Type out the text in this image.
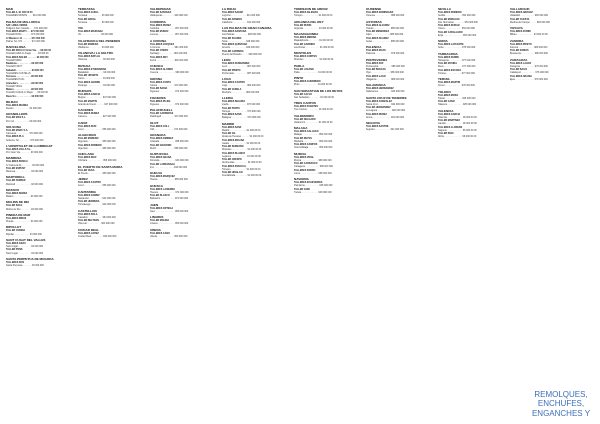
MAD
TALLER A. 91 000 00 00
TALLERES MONTE . . . . 912 000 000
PALMA DE MALLORCA
SAT. LINEA VERDE
Poligono Son Castello. . . . 971 000 000
TALLERES MARTI . . . 971 000 000
TALLER ROIG . . . . . . . 971 000 000
C/ Manacor 12 . . . . . . . 971 000 000
Palma. Tel. 971 . . . . . . . 971 000 000
BARCELONA
TALLER ROCA C/ Gran Via . . . 93 000 00
TALLER ALBA C/ Arago . . . . . 93 000 00
TALLERES SOLER . . . . . . . 93 000 000
TALLER MIRO
Badalona . . . . . . . . . . . 93 000 000
TALLER FONT
Sabadell . . . . . . . . . . . . 93 000 000
TALLERES CASTELLS
Terrassa. . . . . . . . . . . . 93 000 000
TALLERES PUIG
Granollers . . . . . . . . . . 93 000 000
TALLER VIDAL
Mataro . . . . . . . . . . . . . 93 000 000
TALLER CASAS C/ Major . . . 93 000 00
Reus S.L. . . . . . . . . . . . 93 000 000
BILBAO
TALLERES IBARRA
Deusto . . . . . . . . . . . . 94 000 000
GRANOLLERS
TALLER MAS S.L.
Pol. Ind. . . . . . . . . . . . 93 000 000
SOLSONA
TALLER MARC S.A.
Carretera . . . . . . . . . . 973 000 000
TALLERES PLA
Solsona. Tel. . . . . . . . . 973 000 000
L'HOSPITALET DE LLOBREGAT
TALLERES VALLS S.L.
Pol. Gran Via . . . . . . . . 93 000 000
MANRESA
TALLERES BOSCH
C/ Guimera 24 . . . . . . . . 93 000 000
TALLER ESPUNY
Manresa . . . . . . . . . . . . 93 000 000
MARTORELL
TALLER FERRER
Martorell . . . . . . . . . . . . 93 000 000
MATARO
TALLERES SERRA
Mataro . . . . . . . . . . . . . 93 000 000
MOLINS DE REI
TALLER SOLE
Molins de Rei . . . . . . . . 93 000 000
PINEDA DE MAR
TALLERES RIBAS
Pineda . . . . . . . . . . . . . 93 000 000
RIPOLLET
TALLER CODINA
Ripollet . . . . . . . . . . . . 93 000 000
SANT CUGAT DEL VALLES
TALLERES GRAU
Sant Cugat . . . . . . . . . . 93 000 000
TALLER PONS
Sant Cugat . . . . . . . . . . 93 000 000
SANTA PERPETUA DE MOGODA
TALLERES ROS
Santa Perpetua . . . . . . . 93 000 000
TERRASSA
TALLERES GUELL
Terrassa . . . . . . . . . . . 93 000 000
TALLER NADAL
Terrassa . . . . . . . . . . . 93 000 000
VIC
TALLERES MASSANA
Vic . . . . . . . . . . . . . . . 93 000 000
VILAFRANCA DEL PENEDES
TALLER MORERA
Vilafranca . . . . . . . . . . 93 000 000
VILANOVA I LA GELTRU
TALLERES BATLLE
Vilanova . . . . . . . . . . . . 93 000 000
BIZKAIA
TALLERES ETXEBARRIA
Barakaldo . . . . . . . . . . . 94 000 000
TALLER URIARTE
Getxo . . . . . . . . . . . . . . 94 000 000
TALLERES AGIRRE
Durango . . . . . . . . . . . . 94 000 000
BURGOS
TALLERES GARCIA
Burgos . . . . . . . . . . . . . 947 000 000
TALLER MARTIN
Aranda de Duero . . . . . . 947 000 000
CACERES
TALLERES NUNEZ
Caceres . . . . . . . . . . . . 927 000 000
CADIZ
TALLERES RUIZ
Jerez . . . . . . . . . . . . . . 956 000 000
ALGECIRAS
TALLER MORENO
Algeciras . . . . . . . . . . . 956 000 000
TALLERES ROMERO
Algeciras . . . . . . . . . . . 956 000 000
CHICLANA
TALLERES DIAZ
Chiclana . . . . . . . . . . . . 956 000 000
EL PUERTO DE SANTA MARIA
TALLER VEGA
El Puerto . . . . . . . . . . . 956 000 000
JEREZ
TALLERES CASTRO
Jerez . . . . . . . . . . . . . . 956 000 000
CANTABRIA
TALLERES GOMEZ
Santander . . . . . . . . . . 942 000 000
TALLER HERRERA
Torrelavega . . . . . . . . . 942 000 000
CASTELLON
TALLERES SOLA
Castellon . . . . . . . . . . . 964 000 000
TALLER BELTRAN
Vila-real . . . . . . . . . . . 964 000 000
CIUDAD REAL
TALLERES LOPEZ
Ciudad Real . . . . . . . . . 926 000 000
VALDEPENAS
TALLER SANCHEZ
Valdepenas . . . . . . . . . 926 000 000
CORDOBA
TALLERES PEREZ
Cordoba . . . . . . . . . . . . 957 000 000
TALLER MUNOZ
Lucena . . . . . . . . . . . . . 957 000 000
A CORUNA
TALLERES VAZQUEZ
A Coruna . . . . . . . . . . . 981 000 000
TALLER OTERO
Santiago . . . . . . . . . . . 981 000 000
TALLERES REY
Ferrol . . . . . . . . . . . . . . 981 000 000
CUENCA
TALLERES ALONSO
Cuenca . . . . . . . . . . . . . 969 000 000
GIRONA
TALLERES COSTA
Girona . . . . . . . . . . . . . 972 000 000
TALLER BADIA
Figueres . . . . . . . . . . . . 972 000 000
FIGUERES
TALLERES PUJOL
Figueres . . . . . . . . . . . . 972 000 000
PALAFRUGELL
TALLER CARRERAS
Palafrugell . . . . . . . . . . 972 000 000
OLOT
TALLERES COLL
Olot . . . . . . . . . . . . . . . 972 000 000
GRANADA
TALLERES JIMENEZ
Granada . . . . . . . . . . . . 958 000 000
TALLER NAVARRO
Motril . . . . . . . . . . . . . . 958 000 000
GUIPUZCOA
TALLERES ARANA
Donostia . . . . . . . . . . . . 943 000 000
TALLER LARRANAGA
Irun . . . . . . . . . . . . . . . 943 000 000
HUELVA
TALLERES MARQUEZ
Huelva . . . . . . . . . . . . . 959 000 000
HUESCA
TALLERES LASIERRA
Huesca . . . . . . . . . . . . . 974 000 000
TALLER BLASCO
Barbastro . . . . . . . . . . . 974 000 000
JAEN
TALLERES ORTEGA
Jaen . . . . . . . . . . . . . . . 953 000 000
LINARES
TALLER MOLINA
Linares . . . . . . . . . . . . . 953 000 000
UBEDA
TALLERES CANO
Ubeda . . . . . . . . . . . . . 953 000 000
LA RIOJA
TALLERES SAENZ
Logrono . . . . . . . . . . . . 941 000 000
TALLER ARNEDO
Calahorra . . . . . . . . . . . 941 000 000
LAS PALMAS DE GRAN CANARIA
TALLERES SANTANA
Las Palmas . . . . . . . . . . 928 000 000
TALLER SUAREZ
Telde . . . . . . . . . . . . . . 928 000 000
TALLERES QUINTANA
Arrecife . . . . . . . . . . . . 928 000 000
TALLER CABRERA
Puerto del Rosario . . . . . 928 000 000
LEON
TALLERES FERNANDEZ
Leon . . . . . . . . . . . . . . . 987 000 000
TALLER PRIETO
Ponferrada . . . . . . . . . . 987 000 000
LUGO
TALLERES CASTRO
Lugo . . . . . . . . . . . . . . . 982 000 000
TALLER VARELA
Monforte . . . . . . . . . . . 982 000 000
LLEIDA
TALLERES SEGURA
Lleida . . . . . . . . . . . . . . 973 000 000
TALLER PORTA
Tarrega . . . . . . . . . . . . . 973 000 000
TALLERES SANS
Balaguer . . . . . . . . . . . . 973 000 000
MADRID
TALLERES SANZ
Madrid . . . . . . . . . . . . . 91 000 00 00
TALLER GIL
Alcala de Henares . . . . . . 91 000 00 00
TALLERES MOLINA
Getafe . . . . . . . . . . . . . 91 000 00 00
TALLER SERRANO
Mostoles . . . . . . . . . . . . 91 000 00 00
TALLERES BLANCO
Leganes . . . . . . . . . . . . 91 000 00 00
TALLER CRESPO
Alcobendas . . . . . . . . . . 91 000 00 00
TALLERES PASCUAL
Torrejon . . . . . . . . . . . . 91 000 00 00
TALLER HIDALGO
Fuenlabrada . . . . . . . . . 91 000 00 00
TORREJON DE ARDOZ
TALLERES IGLESIAS
Torrejon . . . . . . . . . . . . 91 000 00 00
ARGANDA DEL REY
TALLER RUBIO
Arganda . . . . . . . . . . . . 91 000 00 00
MAJADAHONDA
TALLERES MEDINA
Majadahonda . . . . . . . . 91 000 00 00
TALLER GARRIDO
Las Rozas . . . . . . . . . . . 91 000 00 00
MOSTOLES
TALLERES CORTES
Mostoles . . . . . . . . . . . . 91 000 00 00
PARLA
TALLER LOZANO
Parla . . . . . . . . . . . . . . 91 000 00 00
PINTO
TALLERES GUERRERO
Pinto . . . . . . . . . . . . . . 91 000 00 00
SAN SEBASTIAN DE LOS REYES
TALLER CALVO
San Sebastian . . . . . . . . 91 000 00 00
TRES CANTOS
TALLERES FUENTES
Tres Cantos . . . . . . . . . 91 000 00 00
VALDEMORO
TALLER DELGADO
Valdemoro . . . . . . . . . . 91 000 00 00
MALAGA
TALLERES GALLEGO
Malaga . . . . . . . . . . . . . 952 000 000
TALLER REYES
Marbella . . . . . . . . . . . . 952 000 000
TALLERES CAMPOS
Velez-Malaga . . . . . . . . 952 000 000
MURCIA
TALLERES VIDAL
Murcia . . . . . . . . . . . . . 968 000 000
TALLER CARRASCO
Cartagena . . . . . . . . . . . 968 000 000
TALLERES PARDO
Lorca . . . . . . . . . . . . . . 968 000 000
NAVARRA
TALLERES ECHEVERRIA
Pamplona . . . . . . . . . . . 948 000 000
TALLER GOÑI
Tudela . . . . . . . . . . . . . 948 000 000
OURENSE
TALLERES DOMINGUEZ
Ourense . . . . . . . . . . . . 988 000 000
ASTURIAS
TALLERES ALVAREZ
Oviedo . . . . . . . . . . . . . 985 000 000
TALLER MENENDEZ
Gijon . . . . . . . . . . . . . . 985 000 000
TALLERES SUAREZ
Aviles . . . . . . . . . . . . . . 985 000 000
PALENCIA
TALLERES ROJO
Palencia . . . . . . . . . . . . 979 000 000
PONTEVEDRA
TALLERES PAZ
Pontevedra . . . . . . . . . . 986 000 000
TALLER BOUZAS
Vigo . . . . . . . . . . . . . . . 986 000 000
TALLERES LAGO
Vilagarcia . . . . . . . . . . . 986 000 000
SALAMANCA
TALLERES HERNANDEZ
Salamanca . . . . . . . . . . 923 000 000
SANTA CRUZ DE TENERIFE
TALLERES GONZALEZ
Santa Cruz . . . . . . . . . . 922 000 000
TALLER HERNANDEZ
La Laguna . . . . . . . . . . . 922 000 000
TALLERES PEREZ
Arona . . . . . . . . . . . . . . 922 000 000
SEGOVIA
TALLERES SASTRE
Segovia . . . . . . . . . . . . 921 000 000
SEVILLA
TALLERES ROMERO
Sevilla . . . . . . . . . . . . . 954 000 000
TALLER MORALES
Dos Hermanas . . . . . . . . 954 000 000
TALLERES DURAN
Utrera . . . . . . . . . . . . . 954 000 000
TALLER CABALLERO
Ecija . . . . . . . . . . . . . . . 954 000 000
SORIA
TALLERES LAFUENTE
Soria . . . . . . . . . . . . . . 975 000 000
TARRAGONA
TALLERES FERRE
Tarragona . . . . . . . . . . 977 000 000
TALLER ROVIRA
Reus . . . . . . . . . . . . . . 977 000 000
TALLERES ESCODA
Tortosa . . . . . . . . . . . . 977 000 000
TERUEL
TALLERES MARTIN
Teruel . . . . . . . . . . . . . 978 000 000
TOLEDO
TALLERES MORA
Toledo . . . . . . . . . . . . . 925 000 000
TALLER CANO
Talavera . . . . . . . . . . . . 925 000 000
VALENCIA
TALLERES GARCIA
Valencia . . . . . . . . . . . . 96 000 00 00
TALLER MARTINEZ
Gandia . . . . . . . . . . . . . 96 000 00 00
TALLERES LLORENS
Sagunto . . . . . . . . . . . . 96 000 00 00
TALLER BOIX
Alzira . . . . . . . . . . . . . . 96 000 00 00
VALLADOLID
TALLERES ARRANZ
Valladolid . . . . . . . . . . . 983 000 000
TALLER CUESTA
Medina del Campo . . . . . 983 000 000
VIZCAYA
TALLERES ZUBIRI
Bilbao . . . . . . . . . . . . . 94 000 00 00
ZAMORA
TALLERES PRIETO
Zamora . . . . . . . . . . . . 980 000 000
TALLER RAMOS
Benavente . . . . . . . . . . 980 000 000
ZARAGOZA
TALLERES LAHOZ
Zaragoza . . . . . . . . . . . 976 000 000
TALLER BAILO
Calatayud . . . . . . . . . . . 976 000 000
TALLERES ABADIA
Ejea . . . . . . . . . . . . . . . 976 000 000
REMOLQUES,
ENCHUFES,
ENGANCHES Y
